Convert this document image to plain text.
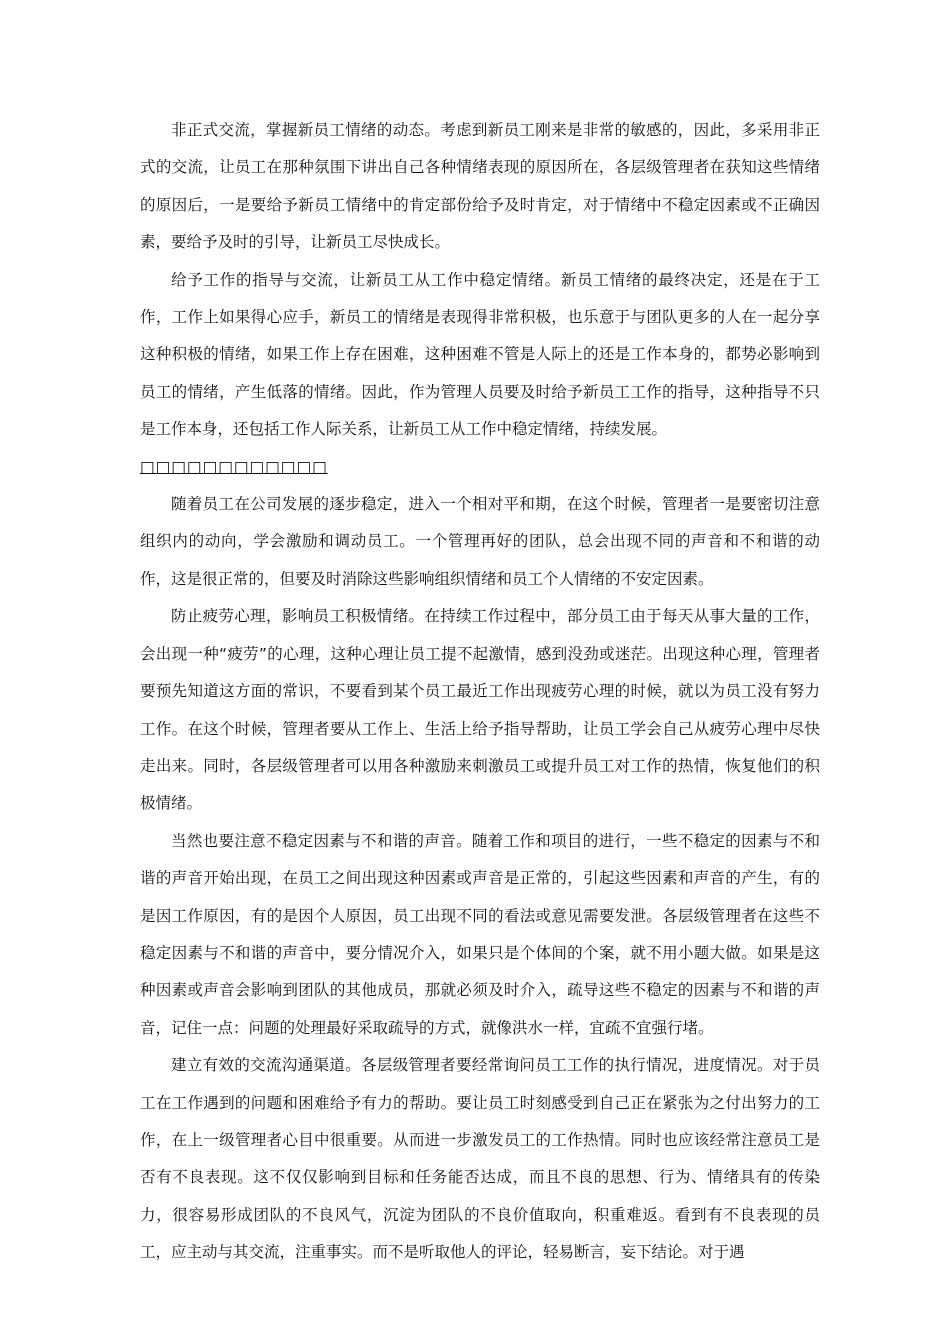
非正式交流，掌握新员工情绪的动态。考虑到新员工刚来是非常的敏感的，因此，多采用非正式的交流，让员工在那种氛围下讲出自己各种情绪表现的原因所在，各层级管理者在获知这些情绪的原因后，一是要给予新员工情绪中的肯定部份给予及时肯定，对于情绪中不稳定因素或不正确因素，要给予及时的引导，让新员工尽快成长。

给予工作的指导与交流，让新员工从工作中稳定情绪。新员工情绪的最终决定，还是在于工作，工作上如果得心应手，新员工的情绪是表现得非常积极，也乐意于与团队更多的人在一起分享这种积极的情绪，如果工作上存在困难，这种困难不管是人际上的还是工作本身的，都势必影响到员工的情绪，产生低落的情绪。因此，作为管理人员要及时给予新员工工作的指导，这种指导不只是工作本身，还包括工作人际关系，让新员工从工作中稳定情绪，持续发展。

□□□□□□□□□□□□

随着员工在公司发展的逐步稳定，进入一个相对平和期，在这个时候，管理者一是要密切注意组织内的动向，学会激励和调动员工。一个管理再好的团队，总会出现不同的声音和不和谐的动作，这是很正常的，但要及时消除这些影响组织情绪和员工个人情绪的不安定因素。

防止疲劳心理，影响员工积极情绪。在持续工作过程中，部分员工由于每天从事大量的工作，会出现一种“疲劳”的心理，这种心理让员工提不起激情，感到没劲或迷茫。出现这种心理，管理者要预先知道这方面的常识，不要看到某个员工最近工作出现疲劳心理的时候，就以为员工没有努力工作。在这个时候，管理者要从工作上、生活上给予指导帮助，让员工学会自己从疲劳心理中尽快走出来。同时，各层级管理者可以用各种激励来刺激员工或提升员工对工作的热情，恢复他们的积极情绪。

当然也要注意不稳定因素与不和谐的声音。随着工作和项目的进行，一些不稳定的因素与不和谐的声音开始出现，在员工之间出现这种因素或声音是正常的，引起这些因素和声音的产生，有的是因工作原因，有的是因个人原因，员工出现不同的看法或意见需要发泄。各层级管理者在这些不稳定因素与不和谐的声音中，要分情况介入，如果只是个体间的个案，就不用小题大做。如果是这种因素或声音会影响到团队的其他成员，那就必须及时介入，疏导这些不稳定的因素与不和谐的声音，记住一点：问题的处理最好采取疏导的方式，就像洪水一样，宜疏不宜强行堵。

建立有效的交流沟通渠道。各层级管理者要经常询问员工工作的执行情况，进度情况。对于员工在工作遇到的问题和困难给予有力的帮助。要让员工时刻感受到自己正在紧张为之付出努力的工作，在上一级管理者心目中很重要。从而进一步激发员工的工作热情。同时也应该经常注意员工是否有不良表现。这不仅仅影响到目标和任务能否达成，而且不良的思想、行为、情绪具有的传染力，很容易形成团队的不良风气，沉淀为团队的不良价值取向，积重难返。看到有不良表现的员工，应主动与其交流，注重事实。而不是听取他人的评论，轻易断言，妄下结论。对于遇
